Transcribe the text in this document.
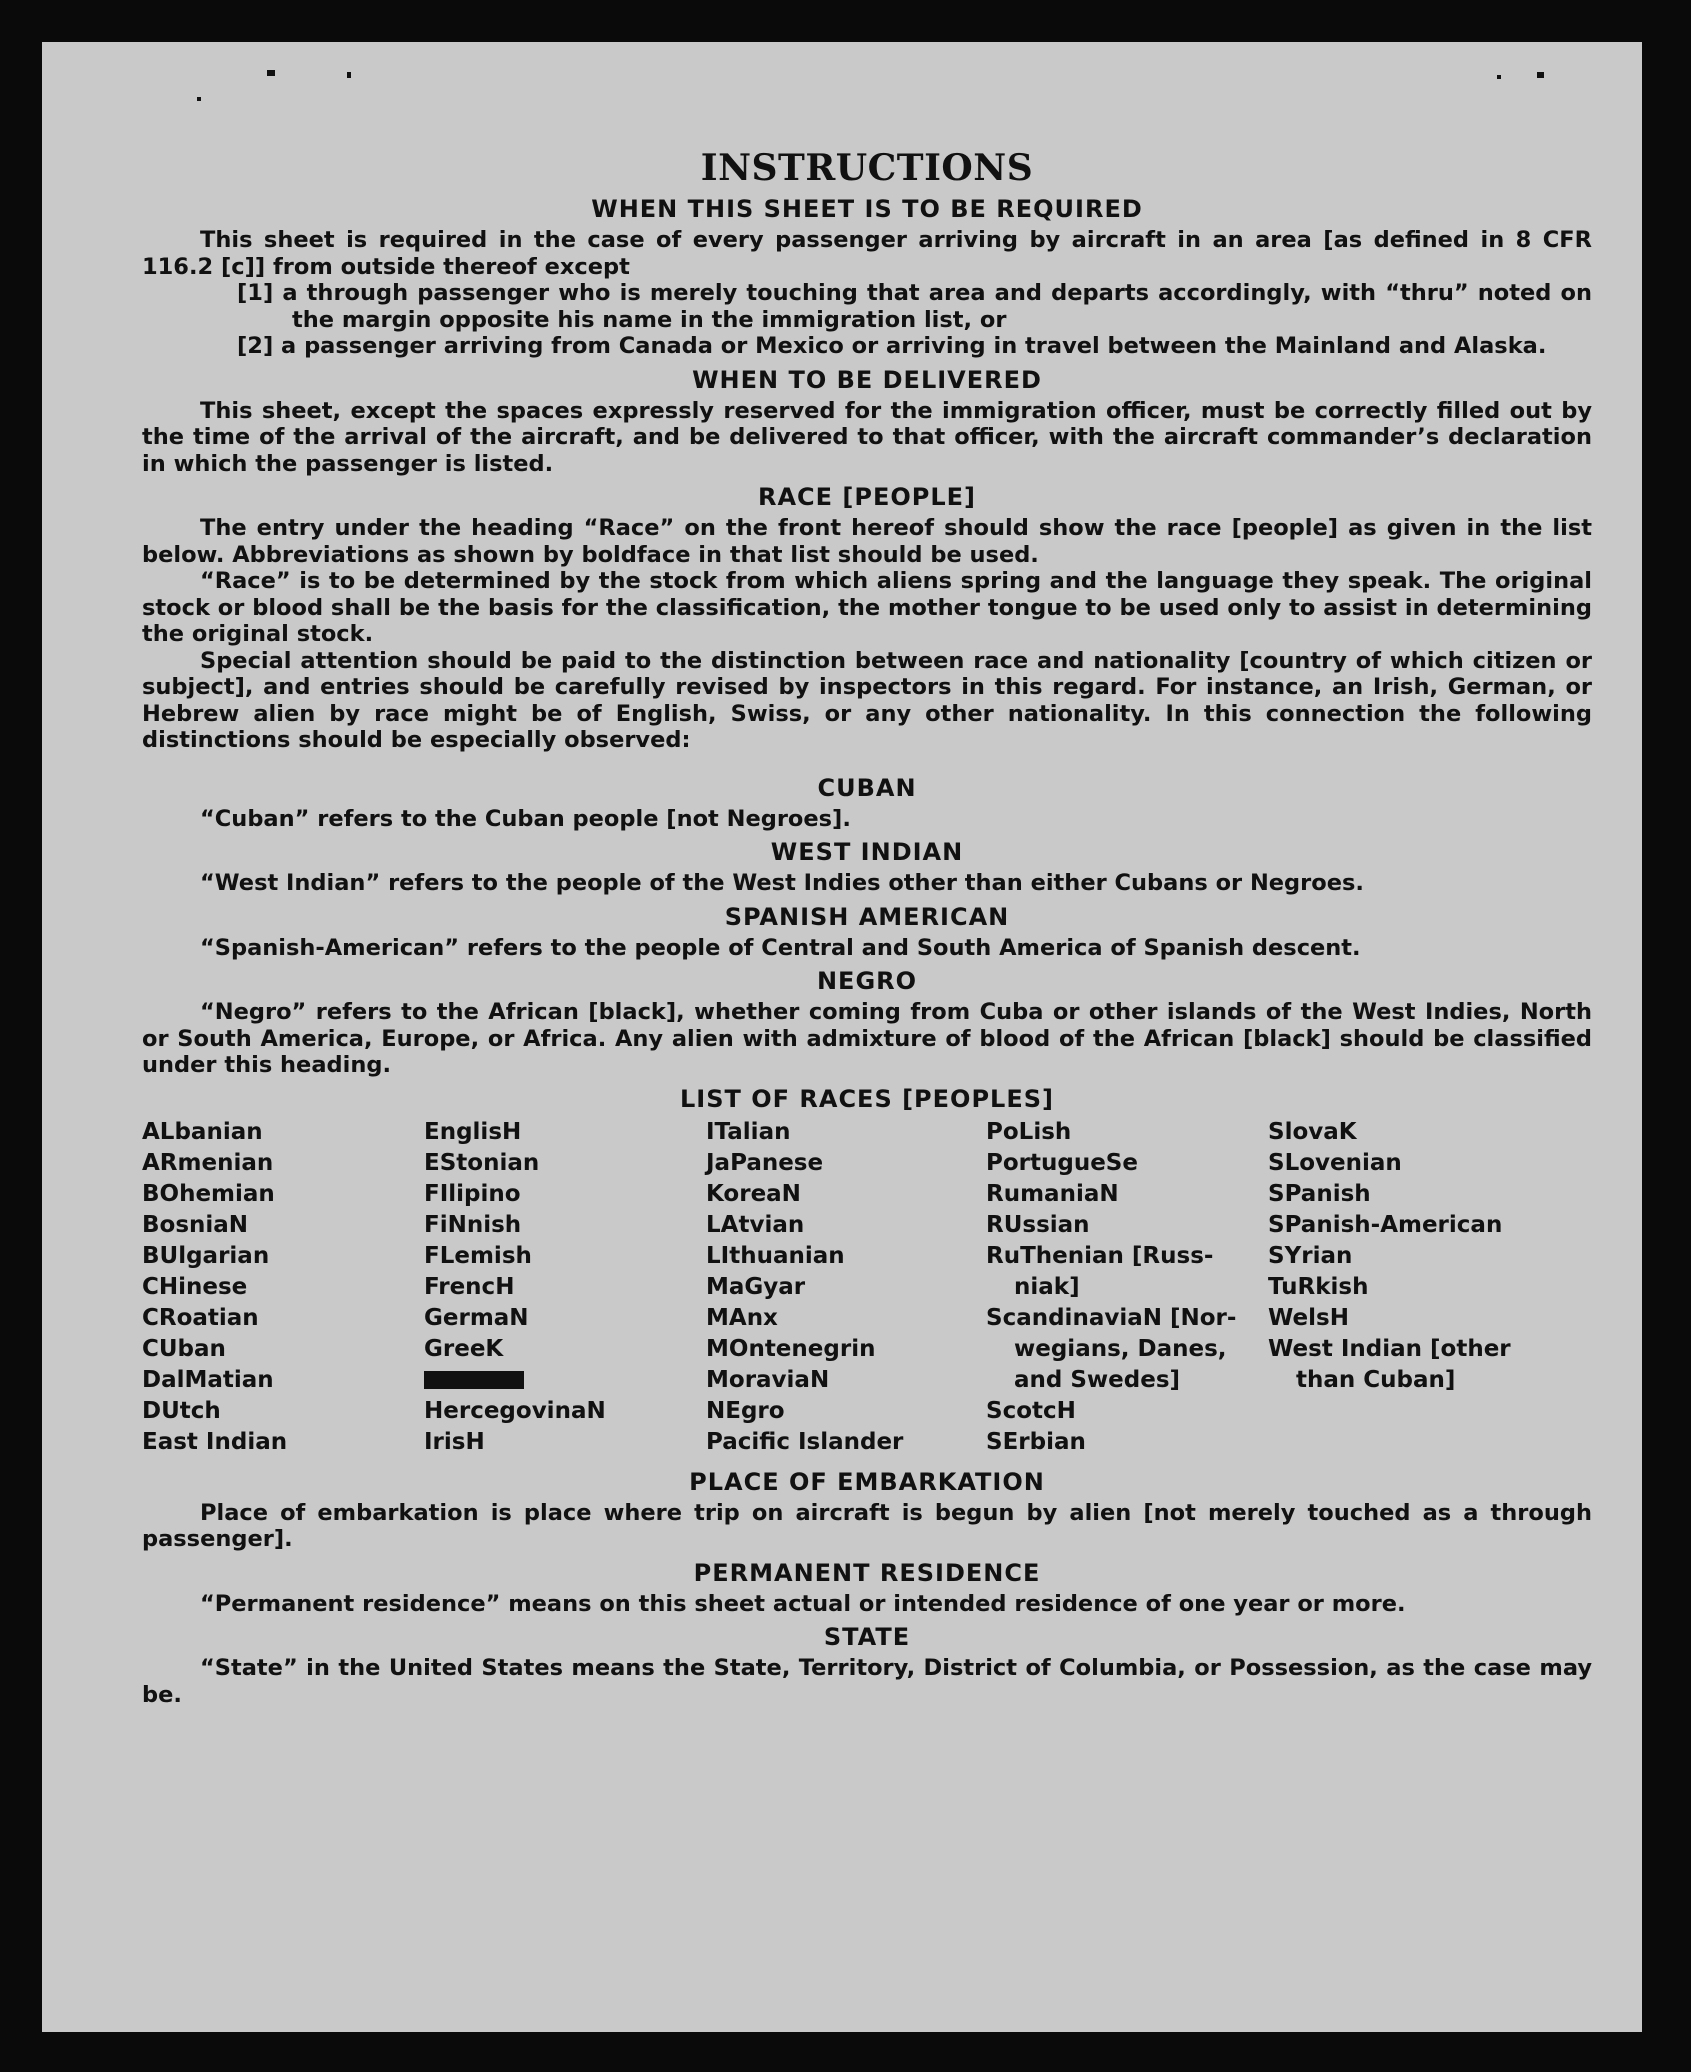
INSTRUCTIONS
WHEN THIS SHEET IS TO BE REQUIRED

This sheet is required in the case of every passenger arriving by aircraft in an area [as defined in 8 CFR 116.2 [c]] from outside thereof except

[1] a through passenger who is merely touching that area and departs accordingly, with “thru” noted on the margin opposite his name in the immigration list, or

[2] a passenger arriving from Canada or Mexico or arriving in travel between the Mainland and Alaska.

WHEN TO BE DELIVERED

This sheet, except the spaces expressly reserved for the immigration officer, must be correctly filled out by the time of the arrival of the aircraft, and be delivered to that officer, with the aircraft commander’s declaration in which the passenger is listed.

RACE [PEOPLE]

The entry under the heading “Race” on the front hereof should show the race [people] as given in the list below. Abbreviations as shown by boldface in that list should be used.

“Race” is to be determined by the stock from which aliens spring and the language they speak. The original stock or blood shall be the basis for the classification, the mother tongue to be used only to assist in determining the original stock.

Special attention should be paid to the distinction between race and nationality [country of which citizen or subject], and entries should be carefully revised by inspectors in this regard. For instance, an Irish, German, or Hebrew alien by race might be of English, Swiss, or any other nationality. In this connection the following distinctions should be especially observed:

CUBAN

“Cuban” refers to the Cuban people [not Negroes].

WEST INDIAN

“West Indian” refers to the people of the West Indies other than either Cubans or Negroes.

SPANISH AMERICAN

“Spanish-American” refers to the people of Central and South America of Spanish descent.

NEGRO

“Negro” refers to the African [black], whether coming from Cuba or other islands of the West Indies, North or South America, Europe, or Africa. Any alien with admixture of blood of the African [black] should be classified under this heading.

LIST OF RACES [PEOPLES]
ALbanian
ARmenian
BOhemian
BosniaN
BUlgarian
CHinese
CRoatian
CUban
DalMatian
DUtch
East Indian
EnglisH
EStonian
FIlipino
FiNnish
FLemish
FrencH
GermaN
GreeK
HercegovinaN
IrisH
ITalian
JaPanese
KoreaN
LAtvian
LIthuanian
MaGyar
MAnx
MOntenegrin
MoraviaN
NEgro
Pacific Islander
PoLish
PortugueSe
RumaniaN
RUssian
RuThenian [Russ-
niak]
ScandinaviaN [Nor-
wegians, Danes,
and Swedes]
ScotcH
SErbian
SlovaK
SLovenian
SPanish
SPanish-American
SYrian
TuRkish
WelsH
West Indian [other
than Cuban]
PLACE OF EMBARKATION

Place of embarkation is place where trip on aircraft is begun by alien [not merely touched as a through passenger].

PERMANENT RESIDENCE

“Permanent residence” means on this sheet actual or intended residence of one year or more.

STATE

“State” in the United States means the State, Territory, District of Columbia, or Possession, as the case may be.
